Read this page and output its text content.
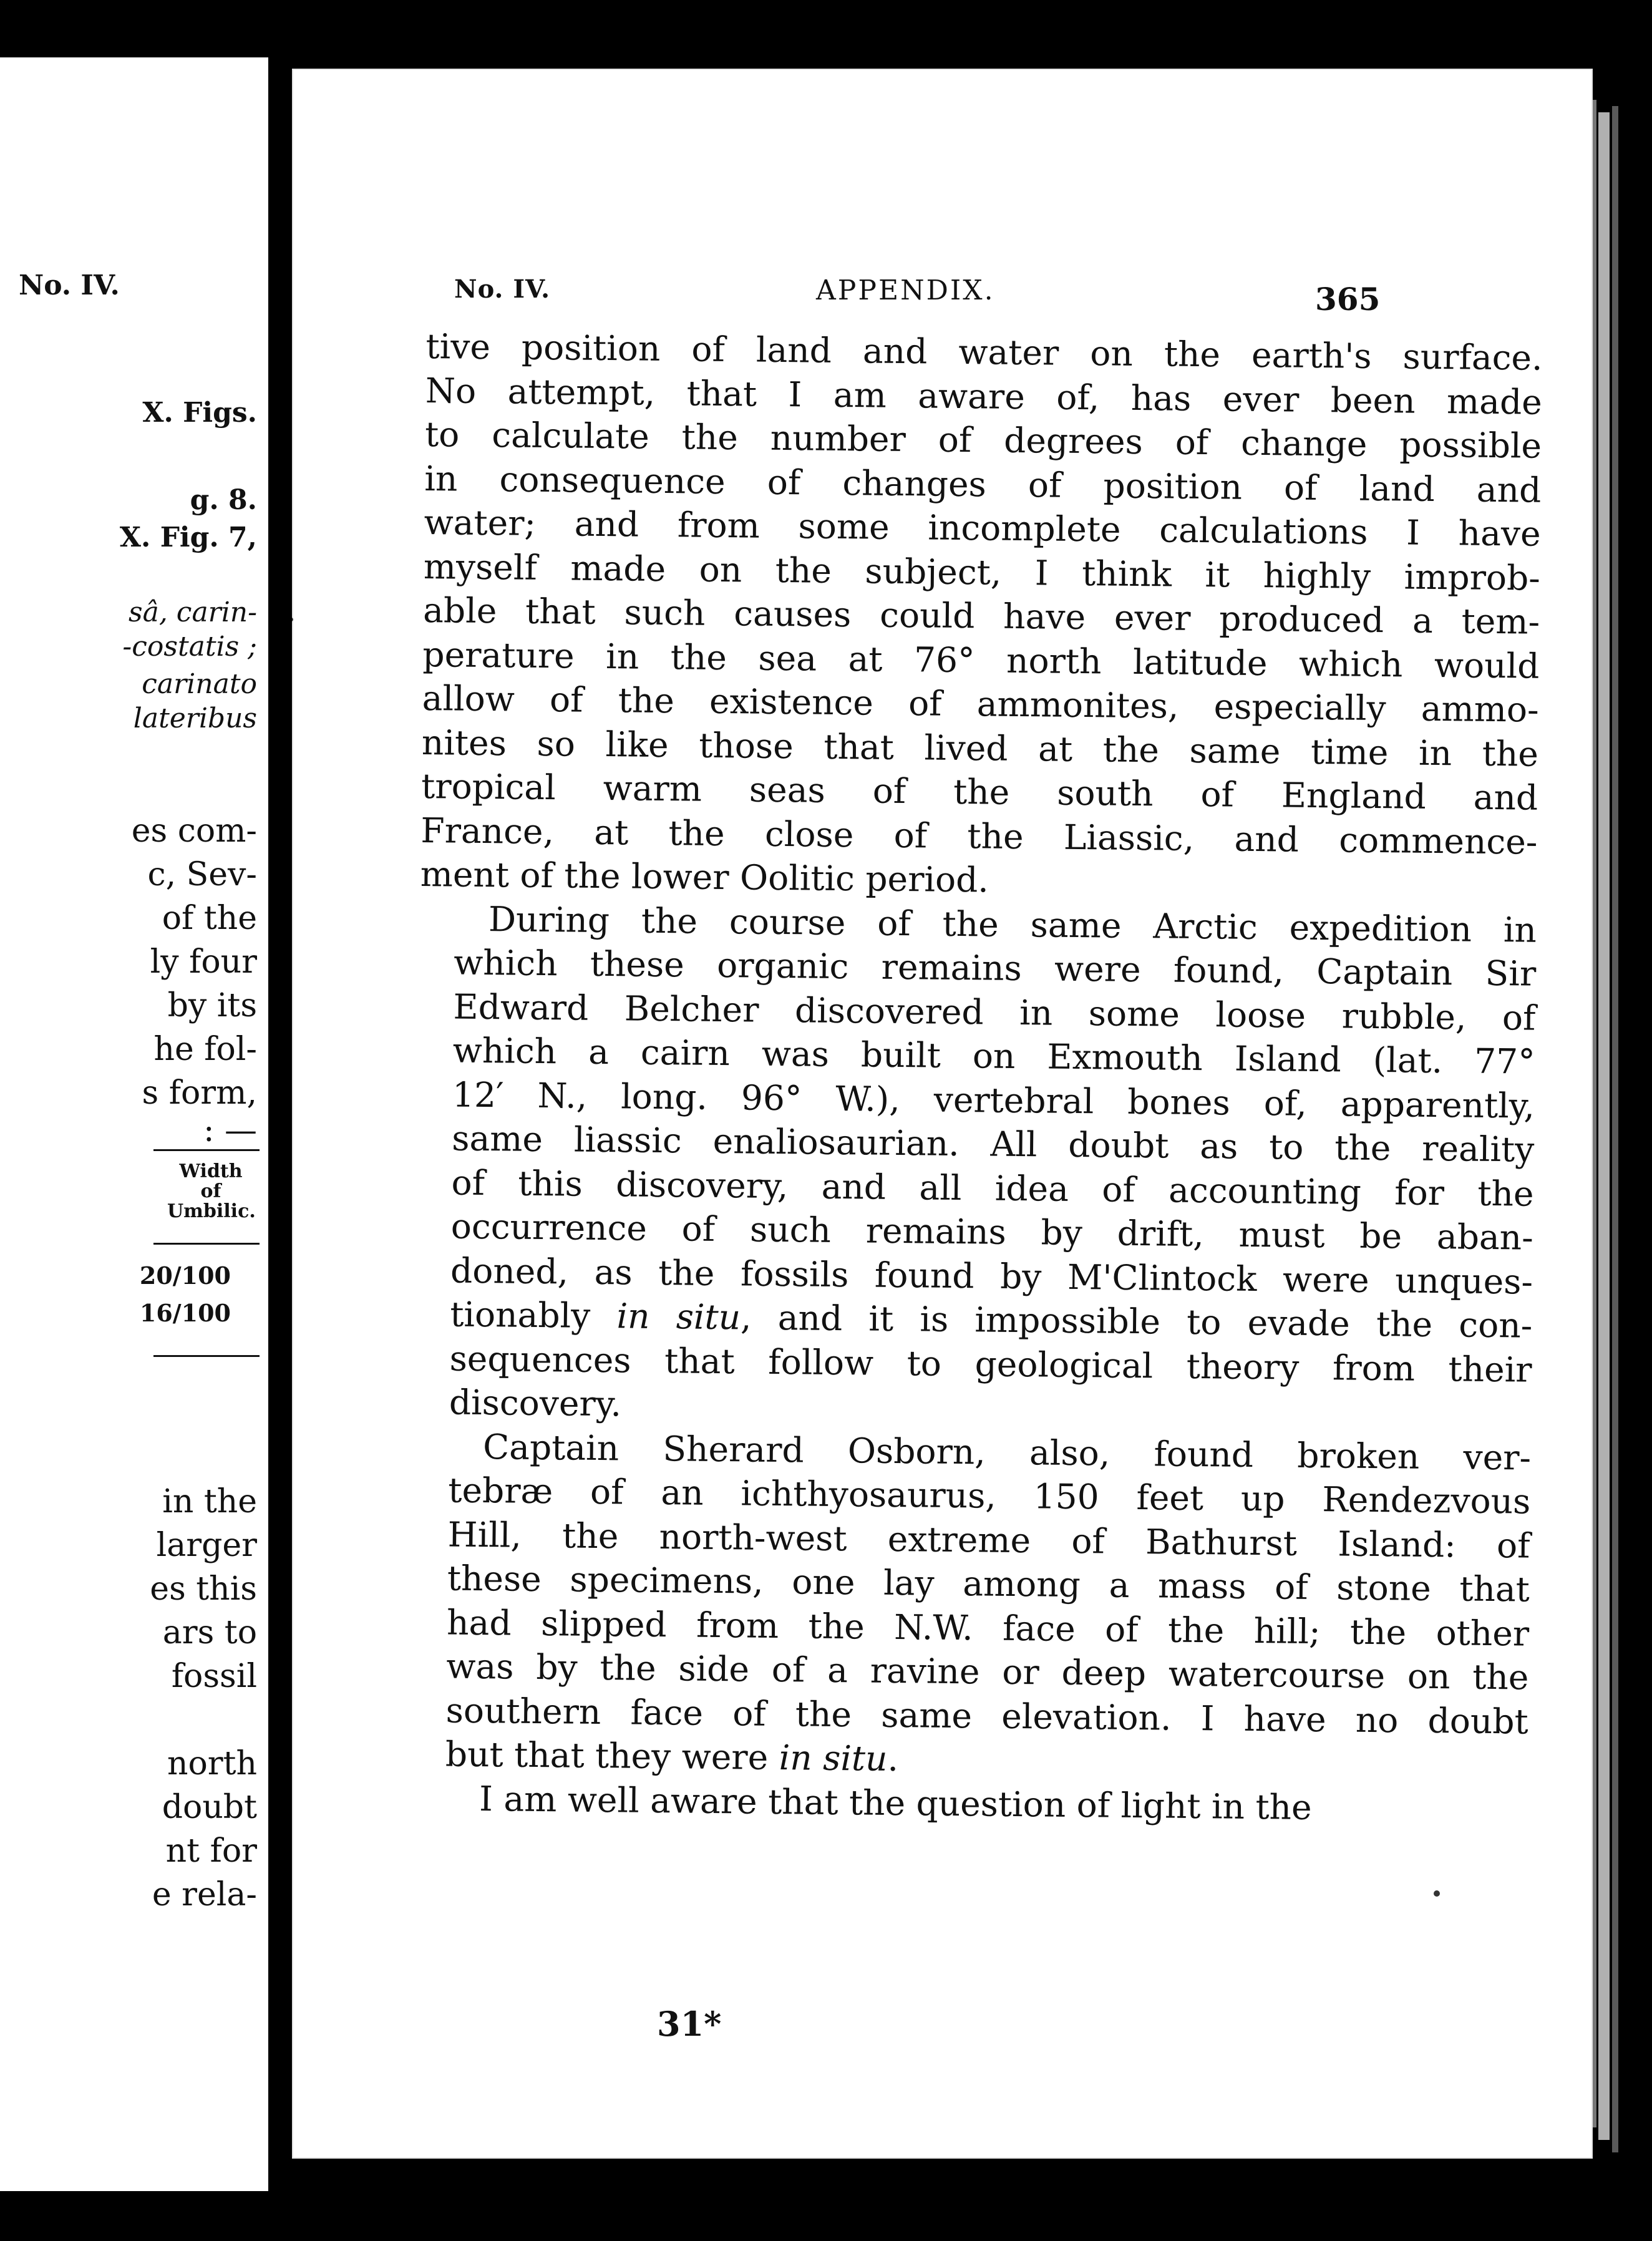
No. IV.
X. Figs.
g. 8.
X. Fig. 7,
sâ, carin-
-costatis ;
carinato
lateribus
es com-
c, Sev-
of the
ly four
by its
he fol-
s form,
: —
in the
larger
es this
ars to
fossil
north
doubt
nt for
e rela-
Width of Umbilic.
20/100
16/100
No. IV.	APPENDIX.	365
tive position of land and water on the earth's surface.
No attempt, that I am aware of, has ever been made
to calculate the number of degrees of change possible
in consequence of changes of position of land and
water; and from some incomplete calculations I have
myself made on the subject, I think it highly improb-
able that such causes could have ever produced a tem-
perature in the sea at 76° north latitude which would
allow of the existence of ammonites, especially ammo-
nites so like those that lived at the same time in the
tropical warm seas of the south of England and
France, at the close of the Liassic, and commence-
ment of the lower Oolitic period.
During the course of the same Arctic expedition in
which these organic remains were found, Captain Sir
Edward Belcher discovered in some loose rubble, of
which a cairn was built on Exmouth Island (lat. 77°
12′ N., long. 96° W.), vertebral bones of, apparently,
same liassic enaliosaurian. All doubt as to the reality
of this discovery, and all idea of accounting for the
occurrence of such remains by drift, must be aban-
doned, as the fossils found by M'Clintock were unques-
tionably in situ, and it is impossible to evade the con-
sequences that follow to geological theory from their
discovery.
Captain Sherard Osborn, also, found broken ver-
tebræ of an ichthyosaurus, 150 feet up Rendezvous
Hill, the north-west extreme of Bathurst Island: of
these specimens, one lay among a mass of stone that
had slipped from the N.W. face of the hill; the other
was by the side of a ravine or deep watercourse on the
southern face of the same elevation. I have no doubt
but that they were in situ.
I am well aware that the question of light in the
31*
